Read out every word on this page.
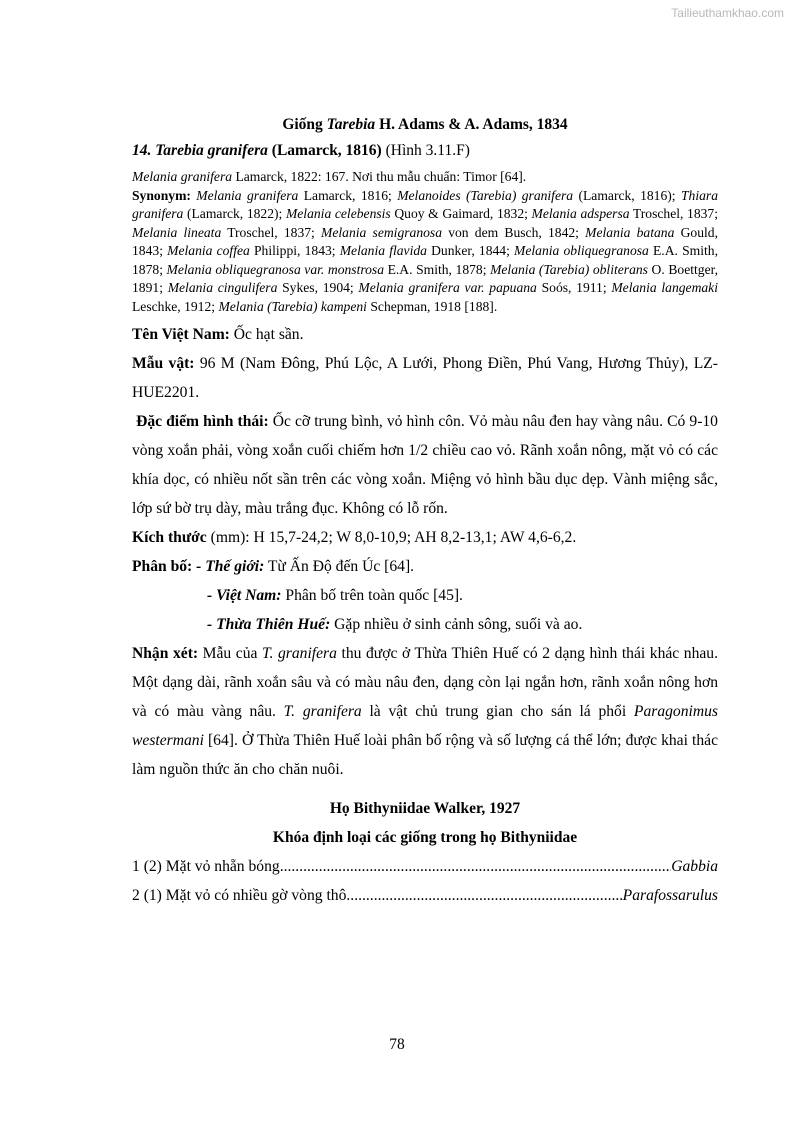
Tailieuthamkhao.com
Giống Tarebia H. Adams & A. Adams, 1834
14. Tarebia granifera (Lamarck, 1816) (Hình 3.11.F)

Melania granifera Lamarck, 1822: 167. Nơi thu mẫu chuẩn: Timor [64].

Synonym: Melania granifera Lamarck, 1816; Melanoides (Tarebia) granifera (Lamarck, 1816); Thiara granifera (Lamarck, 1822); Melania celebensis Quoy & Gaimard, 1832; Melania adspersa Troschel, 1837; Melania lineata Troschel, 1837; Melania semigranosa von dem Busch, 1842; Melania batana Gould, 1843; Melania coffea Philippi, 1843; Melania flavida Dunker, 1844; Melania obliquegranosa E.A. Smith, 1878; Melania obliquegranosa var. monstrosa E.A. Smith, 1878; Melania (Tarebia) obliterans O. Boettger, 1891; Melania cingulifera Sykes, 1904; Melania granifera var. papuana Soós, 1911; Melania langemaki Leschke, 1912; Melania (Tarebia) kampeni Schepman, 1918 [188].

Tên Việt Nam: Ốc hạt sần.

Mẫu vật: 96 M (Nam Đông, Phú Lộc, A Lưới, Phong Điền, Phú Vang, Hương Thủy), LZ-HUE2201.

Đặc điểm hình thái: Ốc cỡ trung bình, vỏ hình côn. Vỏ màu nâu đen hay vàng nâu. Có 9-10 vòng xoắn phải, vòng xoắn cuối chiếm hơn 1/2 chiều cao vỏ. Rãnh xoắn nông, mặt vỏ có các khía dọc, có nhiều nốt sần trên các vòng xoắn. Miệng vỏ hình bầu dục dẹp. Vành miệng sắc, lớp sứ bờ trụ dày, màu trắng đục. Không có lỗ rốn.

Kích thước (mm): H 15,7-24,2; W 8,0-10,9; AH 8,2-13,1; AW 4,6-6,2.

Phân bố: - Thế giới: Từ Ấn Độ đến Úc [64].

- Việt Nam: Phân bố trên toàn quốc [45].

- Thừa Thiên Huế: Gặp nhiều ở sinh cảnh sông, suối và ao.

Nhận xét: Mẫu của T. granifera thu được ở Thừa Thiên Huế có 2 dạng hình thái khác nhau. Một dạng dài, rãnh xoắn sâu và có màu nâu đen, dạng còn lại ngắn hơn, rãnh xoắn nông hơn và có màu vàng nâu. T. granifera là vật chủ trung gian cho sán lá phổi Paragonimus westermani [64]. Ở Thừa Thiên Huế loài phân bố rộng và số lượng cá thể lớn; được khai thác làm nguồn thức ăn cho chăn nuôi.

Họ Bithyniidae Walker, 1927
Khóa định loại các giống trong họ Bithyniidae
1 (2) Mặt vỏ nhẵn bóng .....	Gabbia
2 (1) Mặt vỏ có nhiều gờ vòng thô .....	Parafossarulus
78
